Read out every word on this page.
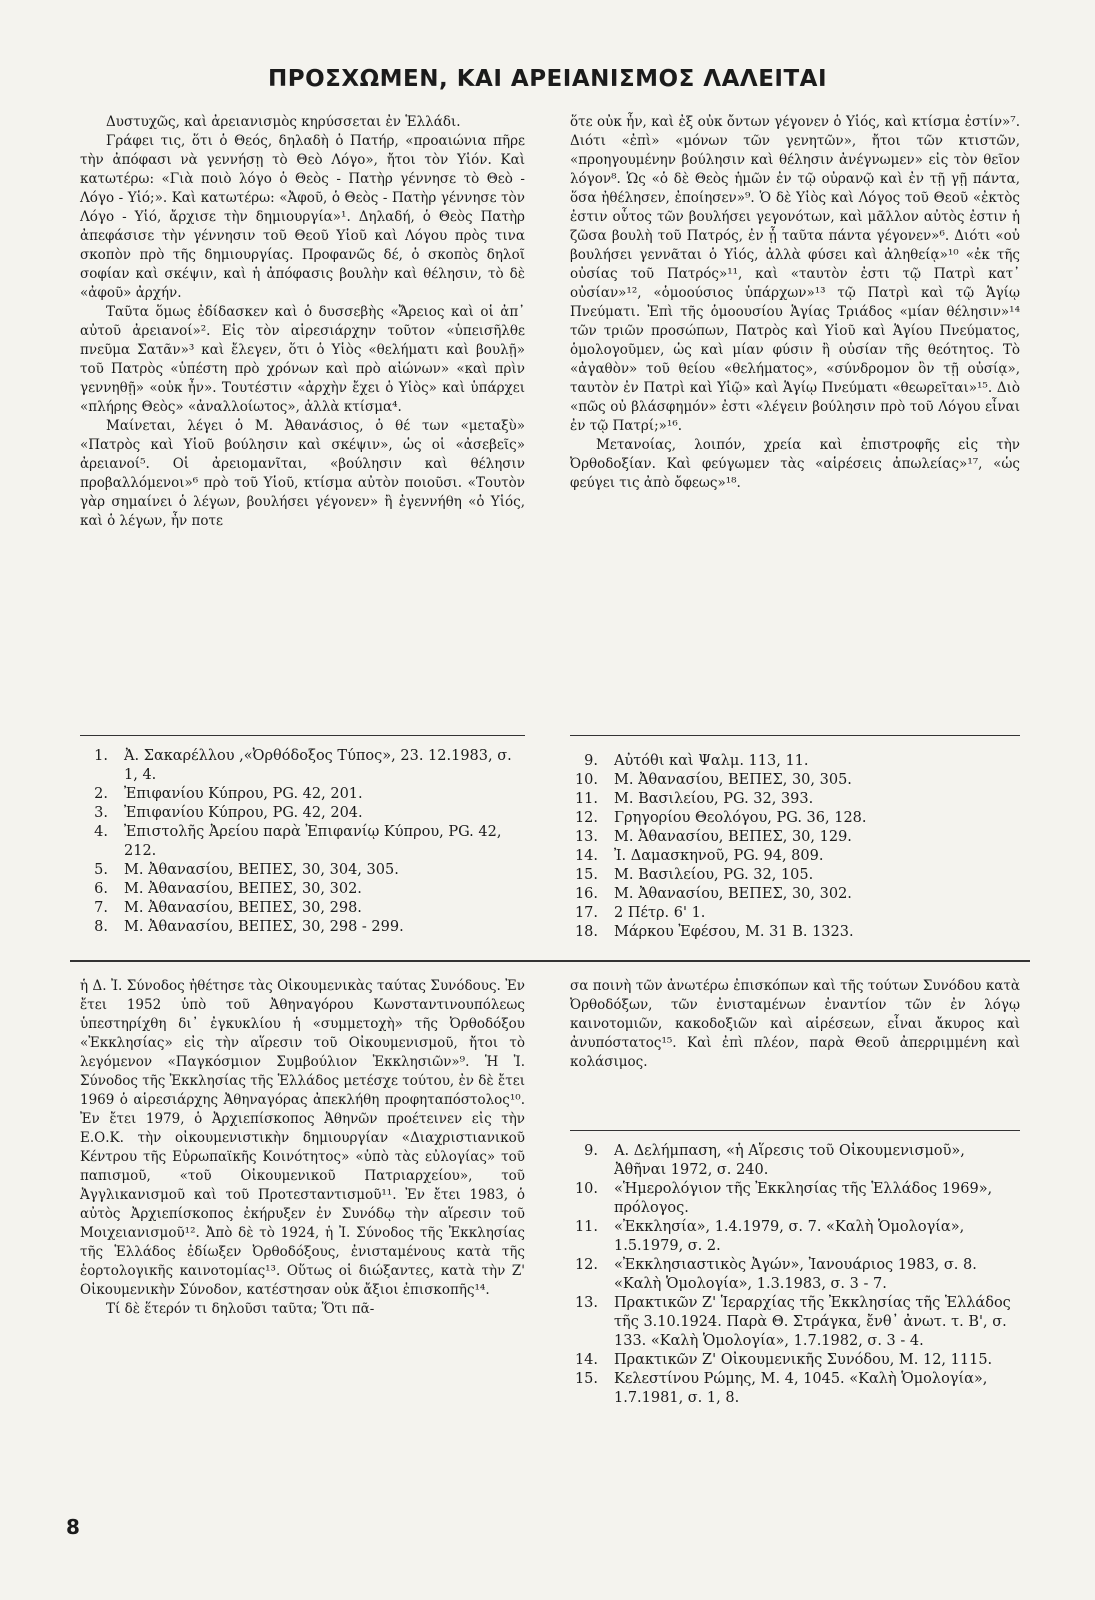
ΠΡΟΣΧΩΜΕΝ, ΚΑΙ ΑΡΕΙΑΝΙΣΜΟΣ ΛΑΛΕΙΤΑΙ

Δυστυχῶς, καὶ ἀρειανισμὸς κηρύσσεται ἐν Ἑλλάδι.

Γράφει τις, ὅτι ὁ Θεός, δηλαδὴ ὁ Πατήρ, «προαιώνια πῆρε τὴν ἀπόφασι νὰ γεννήσῃ τὸ Θεὸ Λόγο», ἤτοι τὸν Υἱόν. Καὶ κατωτέρω: «Γιὰ ποιὸ λόγο ὁ Θεὸς - Πατὴρ γέννησε τὸ Θεὸ - Λόγο - Υἱό;». Καὶ κατωτέρω: «Ἀφοῦ, ὁ Θεὸς - Πατὴρ γέννησε τὸν Λόγο - Υἱό, ἄρχισε τὴν δημιουργία»¹. Δηλαδή, ὁ Θεὸς Πατὴρ ἀπεφάσισε τὴν γέννησιν τοῦ Θεοῦ Υἱοῦ καὶ Λόγου πρὸς τινα σκοπὸν πρὸ τῆς δημιουργίας. Προφανῶς δέ, ὁ σκοπὸς δηλοῖ σοφίαν καὶ σκέψιν, καὶ ἡ ἀπόφασις βουλὴν καὶ θέλησιν, τὸ δὲ «ἀφοῦ» ἀρχήν.

Ταῦτα ὅμως ἐδίδασκεν καὶ ὁ δυσσεβὴς «Ἄρειος καὶ οἱ ἀπ᾿ αὐτοῦ ἀρειανοί»². Εἰς τὸν αἱρεσιάρχην τοῦτον «ὑπεισῆλθε πνεῦμα Σατᾶν»³ καὶ ἔλεγεν, ὅτι ὁ Υἱὸς «θελήματι καὶ βουλῇ» τοῦ Πατρὸς «ὑπέστη πρὸ χρόνων καὶ πρὸ αἰώνων» «καὶ πρὶν γεννηθῇ» «οὐκ ἦν». Τουτέστιν «ἀρχὴν ἔχει ὁ Υἱὸς» καὶ ὑπάρχει «πλήρης Θεὸς» «ἀναλλοίωτος», ἀλλὰ κτίσμα⁴.

Μαίνεται, λέγει ὁ Μ. Ἀθανάσιος, ὁ θέ των «μεταξὺ» «Πατρὸς καὶ Υἱοῦ βούλησιν καὶ σκέψιν», ὡς οἱ «ἀσεβεῖς» ἀρειανοί⁵. Οἱ ἀρειομανῖται, «βούλησιν καὶ θέλησιν προβαλλόμενοι»⁶ πρὸ τοῦ Υἱοῦ, κτίσμα αὐτὸν ποιοῦσι. «Τουτὸν γὰρ σημαίνει ὁ λέγων, βουλήσει γέγονεν» ἢ ἐγεννήθη «ὁ Υἱός, καὶ ὁ λέγων, ἦν ποτε

ὅτε οὐκ ἦν, καὶ ἐξ οὐκ ὄντων γέγονεν ὁ Υἱός, καὶ κτίσμα ἐστίν»⁷. Διότι «ἐπὶ» «μόνων τῶν γενητῶν», ἤτοι τῶν κτιστῶν, «προηγουμένην βούλησιν καὶ θέλησιν ἀνέγνωμεν» εἰς τὸν θεῖον λόγον⁸. Ὡς «ὁ δὲ Θεὸς ἡμῶν ἐν τῷ οὐρανῷ καὶ ἐν τῇ γῇ πάντα, ὅσα ἠθέλησεν, ἐποίησεν»⁹. Ὁ δὲ Υἱὸς καὶ Λόγος τοῦ Θεοῦ «ἐκτὸς ἐστιν οὗτος τῶν βουλήσει γεγονότων, καὶ μᾶλλον αὐτὸς ἐστιν ἡ ζῶσα βουλὴ τοῦ Πατρός, ἐν ᾗ ταῦτα πάντα γέγονεν»⁶. Διότι «οὐ βουλήσει γεννᾶται ὁ Υἱός, ἀλλὰ φύσει καὶ ἀληθείᾳ»¹⁰ «ἐκ τῆς οὐσίας τοῦ Πατρός»¹¹, καὶ «ταυτὸν ἐστι τῷ Πατρὶ κατ᾿ οὐσίαν»¹², «ὁμοούσιος ὑπάρχων»¹³ τῷ Πατρὶ καὶ τῷ Ἁγίῳ Πνεύματι. Ἐπὶ τῆς ὁμοουσίου Ἁγίας Τριάδος «μίαν θέλησιν»¹⁴ τῶν τριῶν προσώπων, Πατρὸς καὶ Υἱοῦ καὶ Ἁγίου Πνεύματος, ὁμολογοῦμεν, ὡς καὶ μίαν φύσιν ἢ οὐσίαν τῆς θεότητος. Τὸ «ἀγαθὸν» τοῦ θείου «θελήματος», «σύνδρομον ὂν τῇ οὐσίᾳ», ταυτὸν ἐν Πατρὶ καὶ Υἱῷ» καὶ Ἁγίῳ Πνεύματι «θεωρεῖται»¹⁵. Διὸ «πῶς οὐ βλάσφημόν» ἐστι «λέγειν βούλησιν πρὸ τοῦ Λόγου εἶναι ἐν τῷ Πατρί;»¹⁶.

Μετανοίας, λοιπόν, χρεία καὶ ἐπιστροφῆς εἰς τὴν Ὀρθοδοξίαν. Καὶ φεύγωμεν τὰς «αἱρέσεις ἀπωλείας»¹⁷, «ὡς φεύγει τις ἀπὸ ὄφεως»¹⁸.

1.	Ἀ. Σακαρέλλου ,«Ὀρθόδοξος Τύπος», 23. 12.1983, σ. 1, 4.
2.	Ἐπιφανίου Κύπρου, PG. 42, 201.
3.	Ἐπιφανίου Κύπρου, PG. 42, 204.
4.	Ἐπιστολῆς Ἀρείου παρὰ Ἐπιφανίῳ Κύπρου, PG. 42, 212.
5.	Μ. Ἀθανασίου, ΒΕΠΕΣ, 30, 304, 305.
6.	Μ. Ἀθανασίου, ΒΕΠΕΣ, 30, 302.
7.	Μ. Ἀθανασίου, ΒΕΠΕΣ, 30, 298.
8.	Μ. Ἀθανασίου, ΒΕΠΕΣ, 30, 298 - 299.
9.	Αὐτόθι καὶ Ψαλμ. 113, 11.
10.	Μ. Ἀθανασίου, ΒΕΠΕΣ, 30, 305.
11.	Μ. Βασιλείου, PG. 32, 393.
12.	Γρηγορίου Θεολόγου, PG. 36, 128.
13.	Μ. Ἀθανασίου, ΒΕΠΕΣ, 30, 129.
14.	Ἰ. Δαμασκηνοῦ, PG. 94, 809.
15.	Μ. Βασιλείου, PG. 32, 105.
16.	Μ. Ἀθανασίου, ΒΕΠΕΣ, 30, 302.
17.	2 Πέτρ. 6' 1.
18.	Μάρκου Ἐφέσου, Μ. 31 Β. 1323.

ἡ Δ. Ἰ. Σύνοδος ἠθέτησε τὰς Οἰκουμενικὰς ταύτας Συνόδους. Ἐν ἔτει 1952 ὑπὸ τοῦ Ἀθηναγόρου Κωνσταντινουπόλεως ὑπεστηρίχθη δι᾿ ἐγκυκλίου ἡ «συμμετοχὴ» τῆς Ὀρθοδόξου «Ἐκκλησίας» εἰς τὴν αἵρεσιν τοῦ Οἰκουμενισμοῦ, ἤτοι τὸ λεγόμενον «Παγκόσμιον Συμβούλιον Ἐκκλησιῶν»⁹. Ἡ Ἰ. Σύνοδος τῆς Ἐκκλησίας τῆς Ἑλλάδος μετέσχε τούτου, ἐν δὲ ἔτει 1969 ὁ αἱρεσιάρχης Ἀθηναγόρας ἀπεκλήθη προφηταπόστολος¹⁰. Ἐν ἔτει 1979, ὁ Ἀρχιεπίσκοπος Ἀθηνῶν προέτεινεν εἰς τὴν Ε.Ο.Κ. τὴν οἰκουμενιστικὴν δημιουργίαν «Διαχριστιανικοῦ Κέντρου τῆς Εὐρωπαϊκῆς Κοινότητος» «ὑπὸ τὰς εὐλογίας» τοῦ παπισμοῦ, «τοῦ Οἰκουμενικοῦ Πατριαρχείου», τοῦ Ἀγγλικανισμοῦ καὶ τοῦ Προτεσταντισμοῦ¹¹. Ἐν ἔτει 1983, ὁ αὐτὸς Ἀρχιεπίσκοπος ἐκήρυξεν ἐν Συνόδῳ τὴν αἵρεσιν τοῦ Μοιχειανισμοῦ¹². Ἀπὸ δὲ τὸ 1924, ἡ Ἰ. Σύνοδος τῆς Ἐκκλησίας τῆς Ἑλλάδος ἐδίωξεν Ὀρθοδόξους, ἐνισταμένους κατὰ τῆς ἑορτολογικῆς καινοτομίας¹³. Οὕτως οἱ διώξαντες, κατὰ τὴν Ζ' Οἰκουμενικὴν Σύνοδον, κατέστησαν οὐκ ἄξιοι ἐπισκοπῆς¹⁴.

Τί δὲ ἕτερόν τι δηλοῦσι ταῦτα; Ὅτι πᾶ-

σα ποινὴ τῶν ἀνωτέρω ἐπισκόπων καὶ τῆς τούτων Συνόδου κατὰ Ὀρθοδόξων, τῶν ἐνισταμένων ἐναντίον τῶν ἐν λόγῳ καινοτομιῶν, κακοδοξιῶν καὶ αἱρέσεων, εἶναι ἄκυρος καὶ ἀνυπόστατος¹⁵. Καὶ ἐπὶ πλέον, παρὰ Θεοῦ ἀπερριμμένη καὶ κολάσιμος.

9.	Α. Δελήμπαση, «ἡ Αἵρεσις τοῦ Οἰκουμενισμοῦ», Ἀθῆναι 1972, σ. 240.
10.	«Ἡμερολόγιον τῆς Ἐκκλησίας τῆς Ἑλλάδος 1969», πρόλογος.
11.	«Ἐκκλησία», 1.4.1979, σ. 7. «Καλὴ Ὁμολογία», 1.5.1979, σ. 2.
12.	«Ἐκκλησιαστικὸς Ἀγών», Ἰανουάριος 1983, σ. 8. «Καλὴ Ὁμολογία», 1.3.1983, σ. 3 - 7.
13.	Πρακτικῶν Ζ' Ἱεραρχίας τῆς Ἐκκλησίας τῆς Ἑλλάδος τῆς 3.10.1924. Παρὰ Θ. Στράγκα, ἔνθ᾿ ἀνωτ. τ. Β', σ. 133. «Καλὴ Ὁμολογία», 1.7.1982, σ. 3 - 4.
14.	Πρακτικῶν Ζ' Οἰκουμενικῆς Συνόδου, Μ. 12, 1115.
15.	Κελεστίνου Ρώμης, Μ. 4, 1045. «Καλὴ Ὁμολογία», 1.7.1981, σ. 1, 8.
8
